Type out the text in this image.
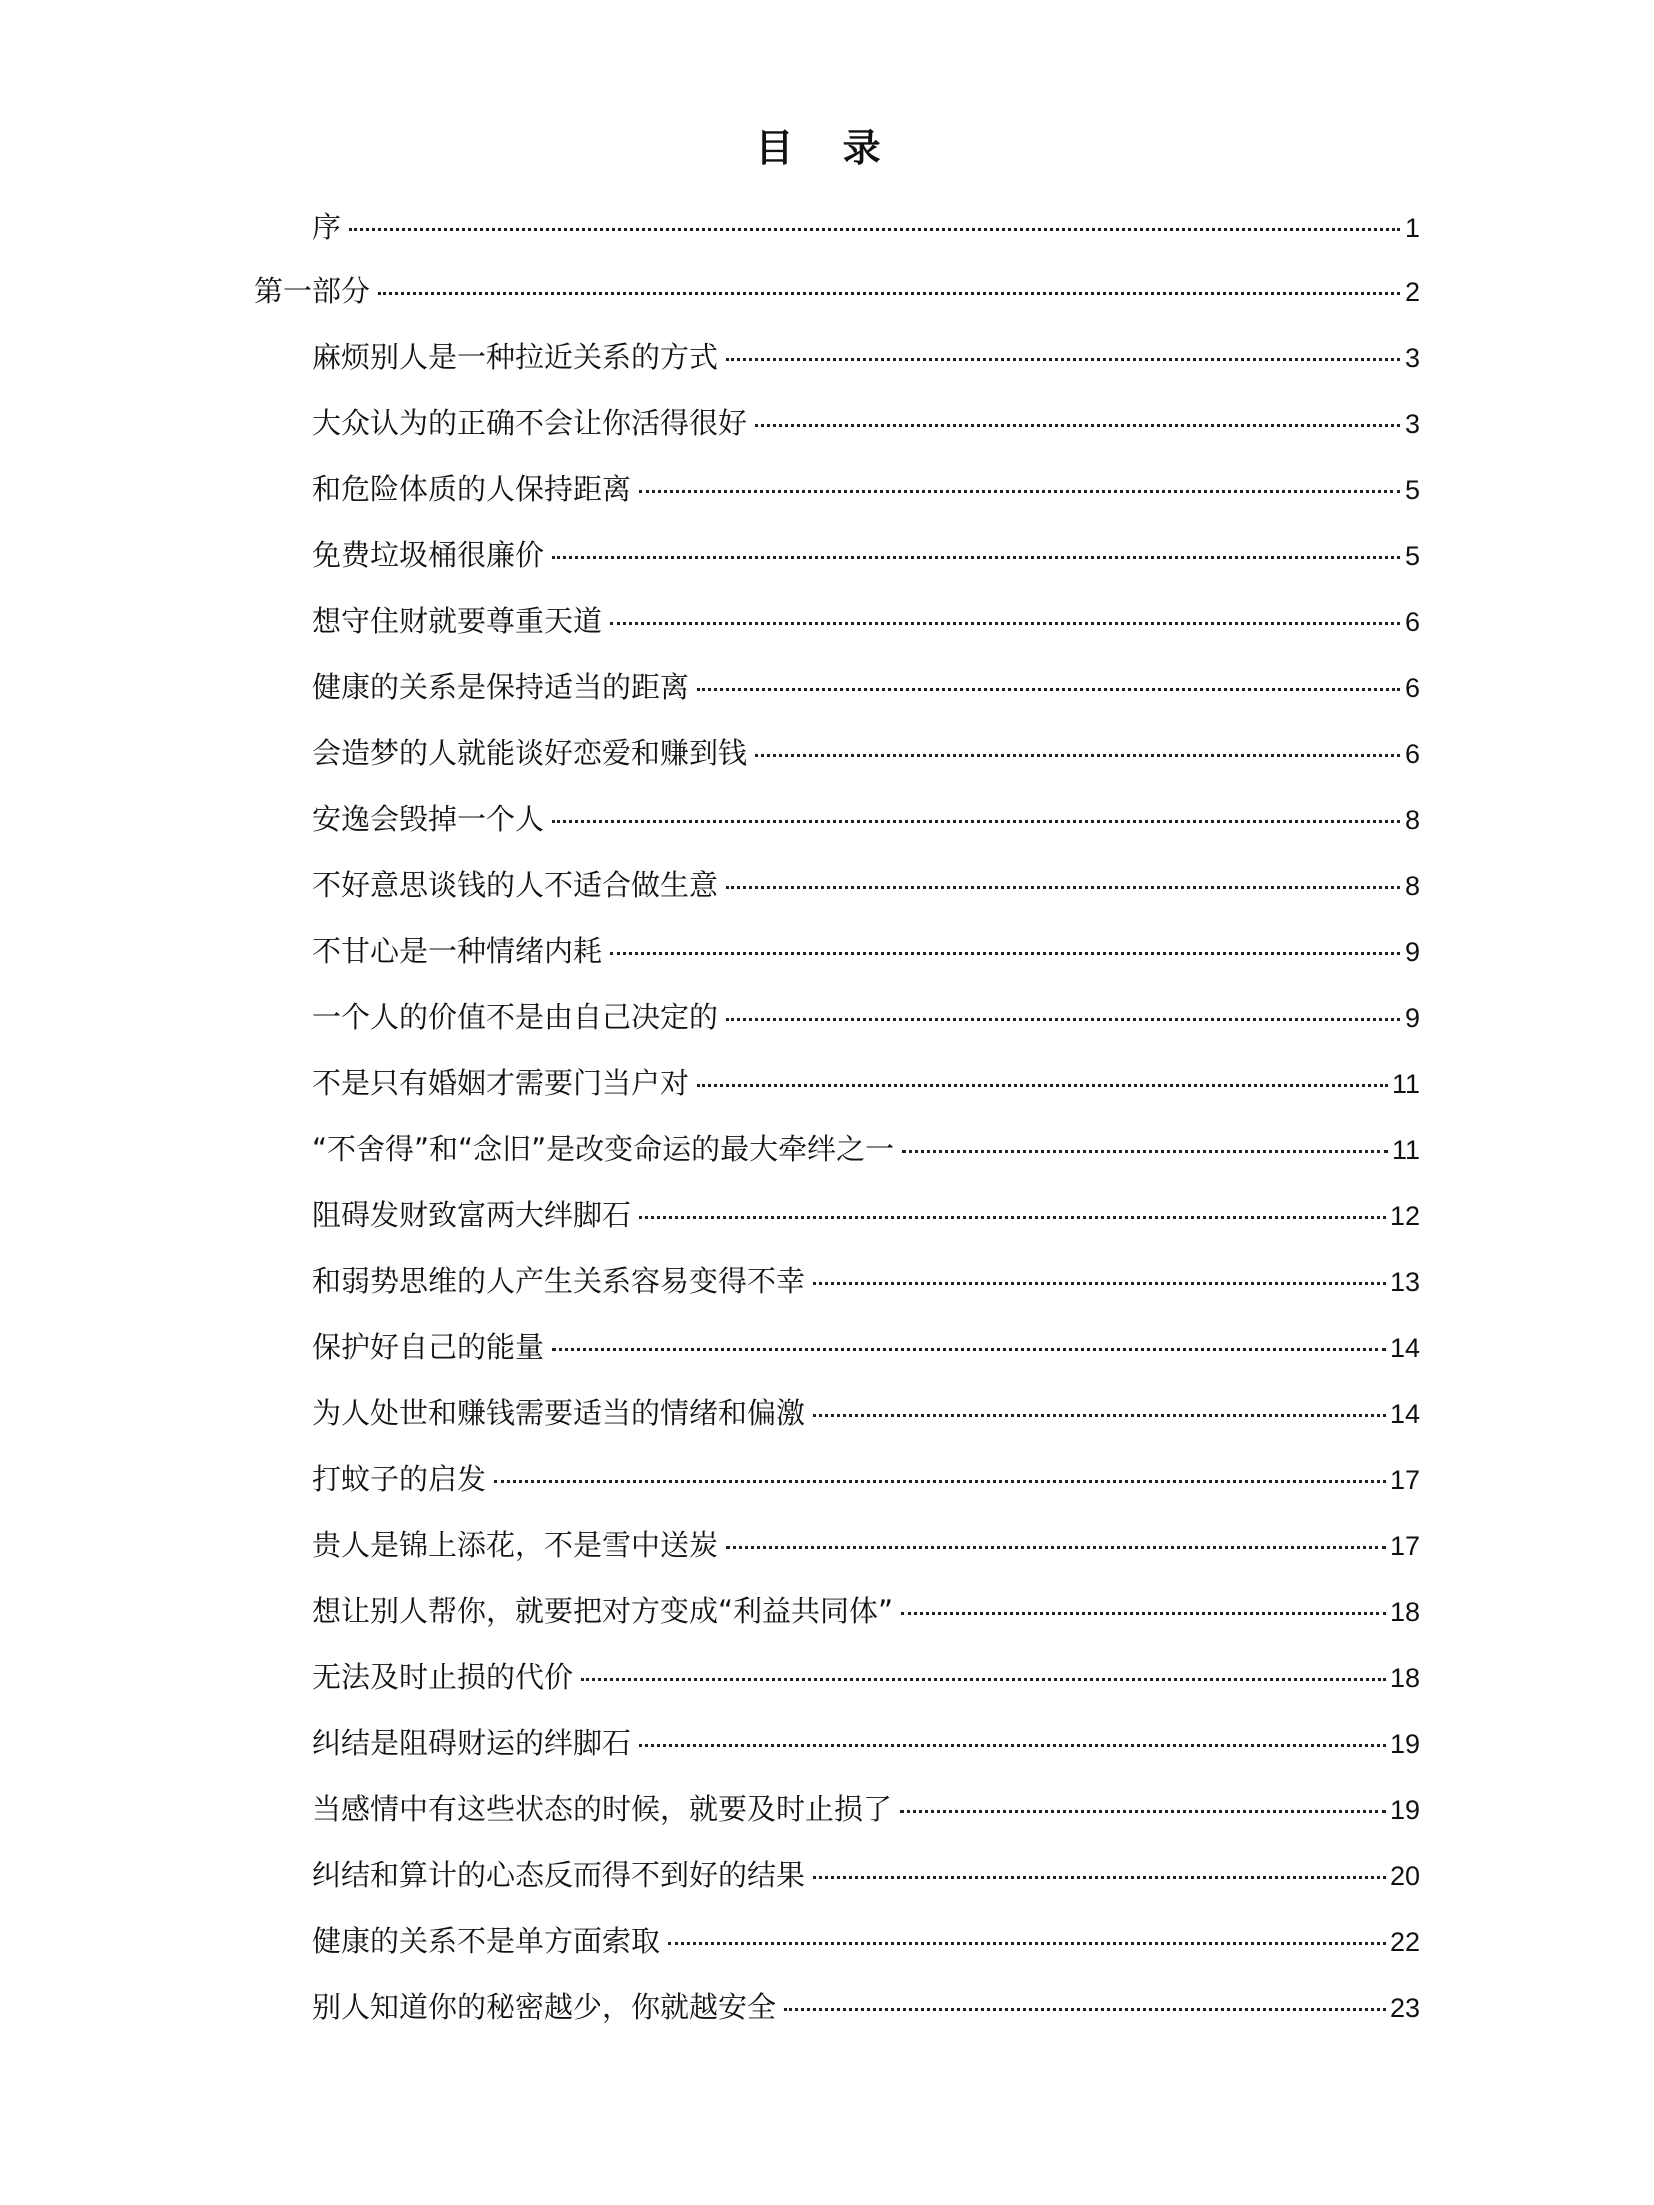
目 录
序	1
第一部分	2
麻烦别人是一种拉近关系的方式	3
大众认为的正确不会让你活得很好	3
和危险体质的人保持距离	5
免费垃圾桶很廉价	5
想守住财就要尊重天道	6
健康的关系是保持适当的距离	6
会造梦的人就能谈好恋爱和赚到钱	6
安逸会毁掉一个人	8
不好意思谈钱的人不适合做生意	8
不甘心是一种情绪内耗	9
一个人的价值不是由自己决定的	9
不是只有婚姻才需要门当户对	11
“不舍得”和“念旧”是改变命运的最大牵绊之一	11
阻碍发财致富两大绊脚石	12
和弱势思维的人产生关系容易变得不幸	13
保护好自己的能量	14
为人处世和赚钱需要适当的情绪和偏激	14
打蚊子的启发	17
贵人是锦上添花，不是雪中送炭	17
想让别人帮你，就要把对方变成“利益共同体”	18
无法及时止损的代价	18
纠结是阻碍财运的绊脚石	19
当感情中有这些状态的时候，就要及时止损了	19
纠结和算计的心态反而得不到好的结果	20
健康的关系不是单方面索取	22
别人知道你的秘密越少，你就越安全	23
